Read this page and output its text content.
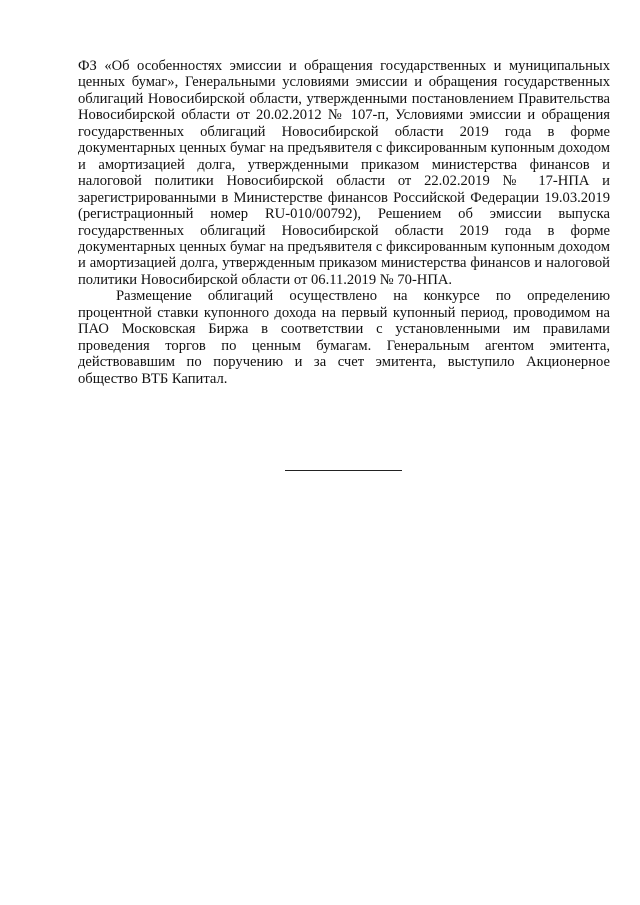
ФЗ «Об особенностях эмиссии и обращения государственных и муниципальных ценных бумаг», Генеральными условиями эмиссии и обращения государственных облигаций Новосибирской области, утвержденными постановлением Правительства Новосибирской области от 20.02.2012 № 107-п, Условиями эмиссии и обращения государственных облигаций Новосибирской области 2019 года в форме документарных ценных бумаг на предъявителя с фиксированным купонным доходом и амортизацией долга, утвержденными приказом министерства финансов и налоговой политики Новосибирской области от 22.02.2019 № 17-НПА и зарегистрированными в Министерстве финансов Российской Федерации 19.03.2019 (регистрационный номер RU-010/00792), Решением об эмиссии выпуска государственных облигаций Новосибирской области 2019 года в форме документарных ценных бумаг на предъявителя с фиксированным купонным доходом и амортизацией долга, утвержденным приказом министерства финансов и налоговой политики Новосибирской области от 06.11.2019 № 70-НПА.

Размещение облигаций осуществлено на конкурсе по определению процентной ставки купонного дохода на первый купонный период, проводимом на ПАО Московская Биржа в соответствии с установленными им правилами проведения торгов по ценным бумагам. Генеральным агентом эмитента, действовавшим по поручению и за счет эмитента, выступило Акционерное общество ВТБ Капитал.
